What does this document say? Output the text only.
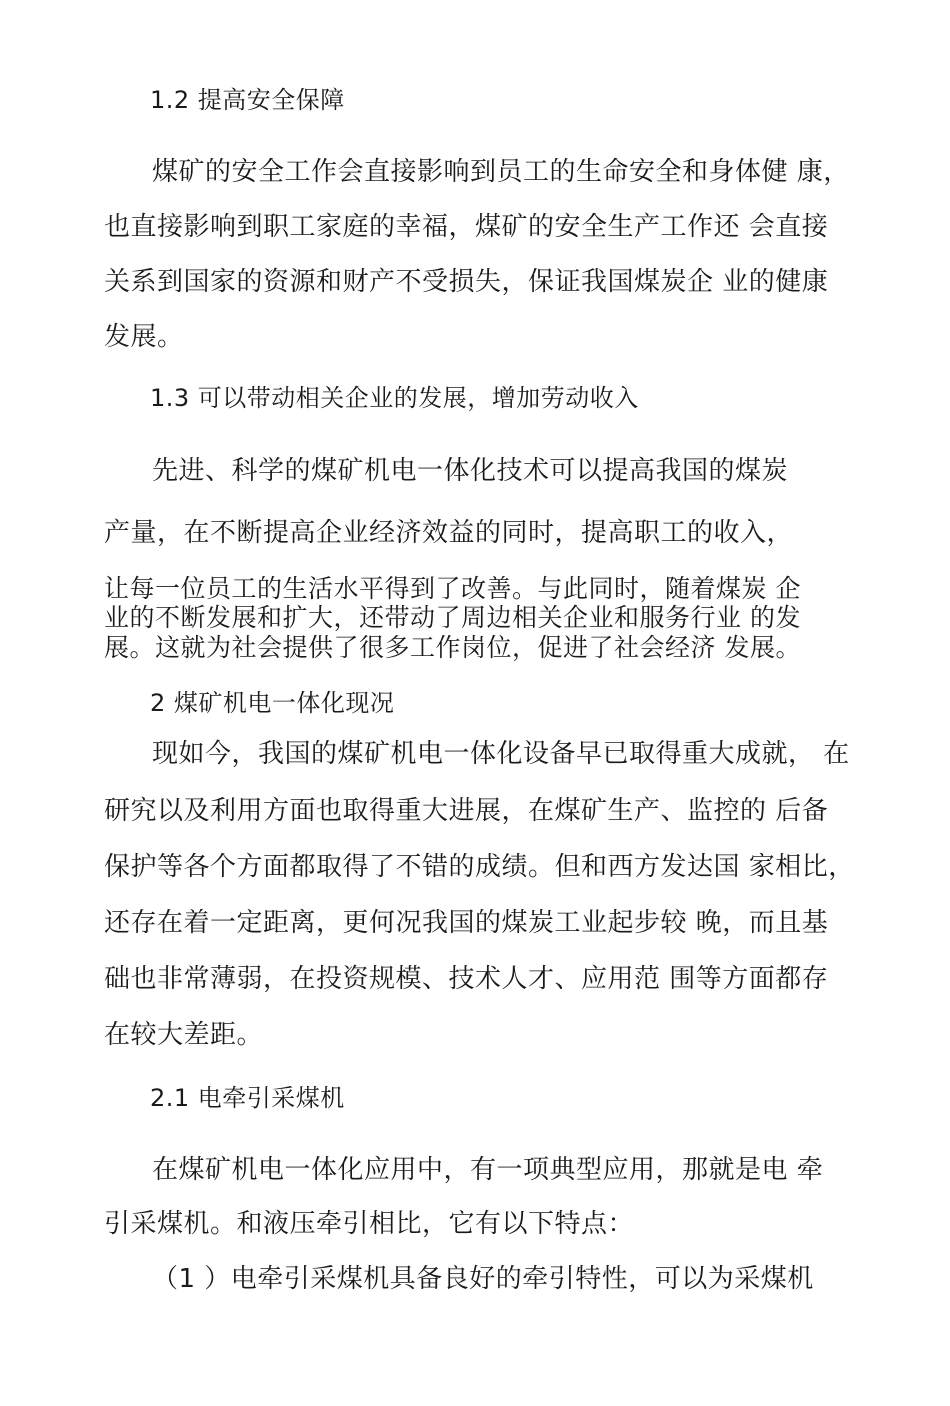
1.2 提高安全保障
煤矿的安全工作会直接影响到员工的生命安全和身体健 康，
也直接影响到职工家庭的幸福，煤矿的安全生产工作还 会直接
关系到国家的资源和财产不受损失，保证我国煤炭企 业的健康
发展。
1.3 可以带动相关企业的发展，增加劳动收入
先进、科学的煤矿机电一体化技术可以提高我国的煤炭
产量，在不断提高企业经济效益的同时，提高职工的收入，
让每一位员工的生活水平得到了改善。与此同时，随着煤炭 企
业的不断发展和扩大，还带动了周边相关企业和服务行业 的发
展。这就为社会提供了很多工作岗位，促进了社会经济 发展。
2 煤矿机电一体化现况
现如今，我国的煤矿机电一体化设备早已取得重大成就， 在
研究以及利用方面也取得重大进展，在煤矿生产、监控的 后备
保护等各个方面都取得了不错的成绩。但和西方发达国 家相比，
还存在着一定距离，更何况我国的煤炭工业起步较 晚，而且基
础也非常薄弱，在投资规模、技术人才、应用范 围等方面都存
在较大差距。
2.1 电牵引采煤机
在煤矿机电一体化应用中，有一项典型应用，那就是电 牵
引采煤机。和液压牵引相比，它有以下特点：
（1 ）电牵引采煤机具备良好的牵引特性，可以为采煤机
